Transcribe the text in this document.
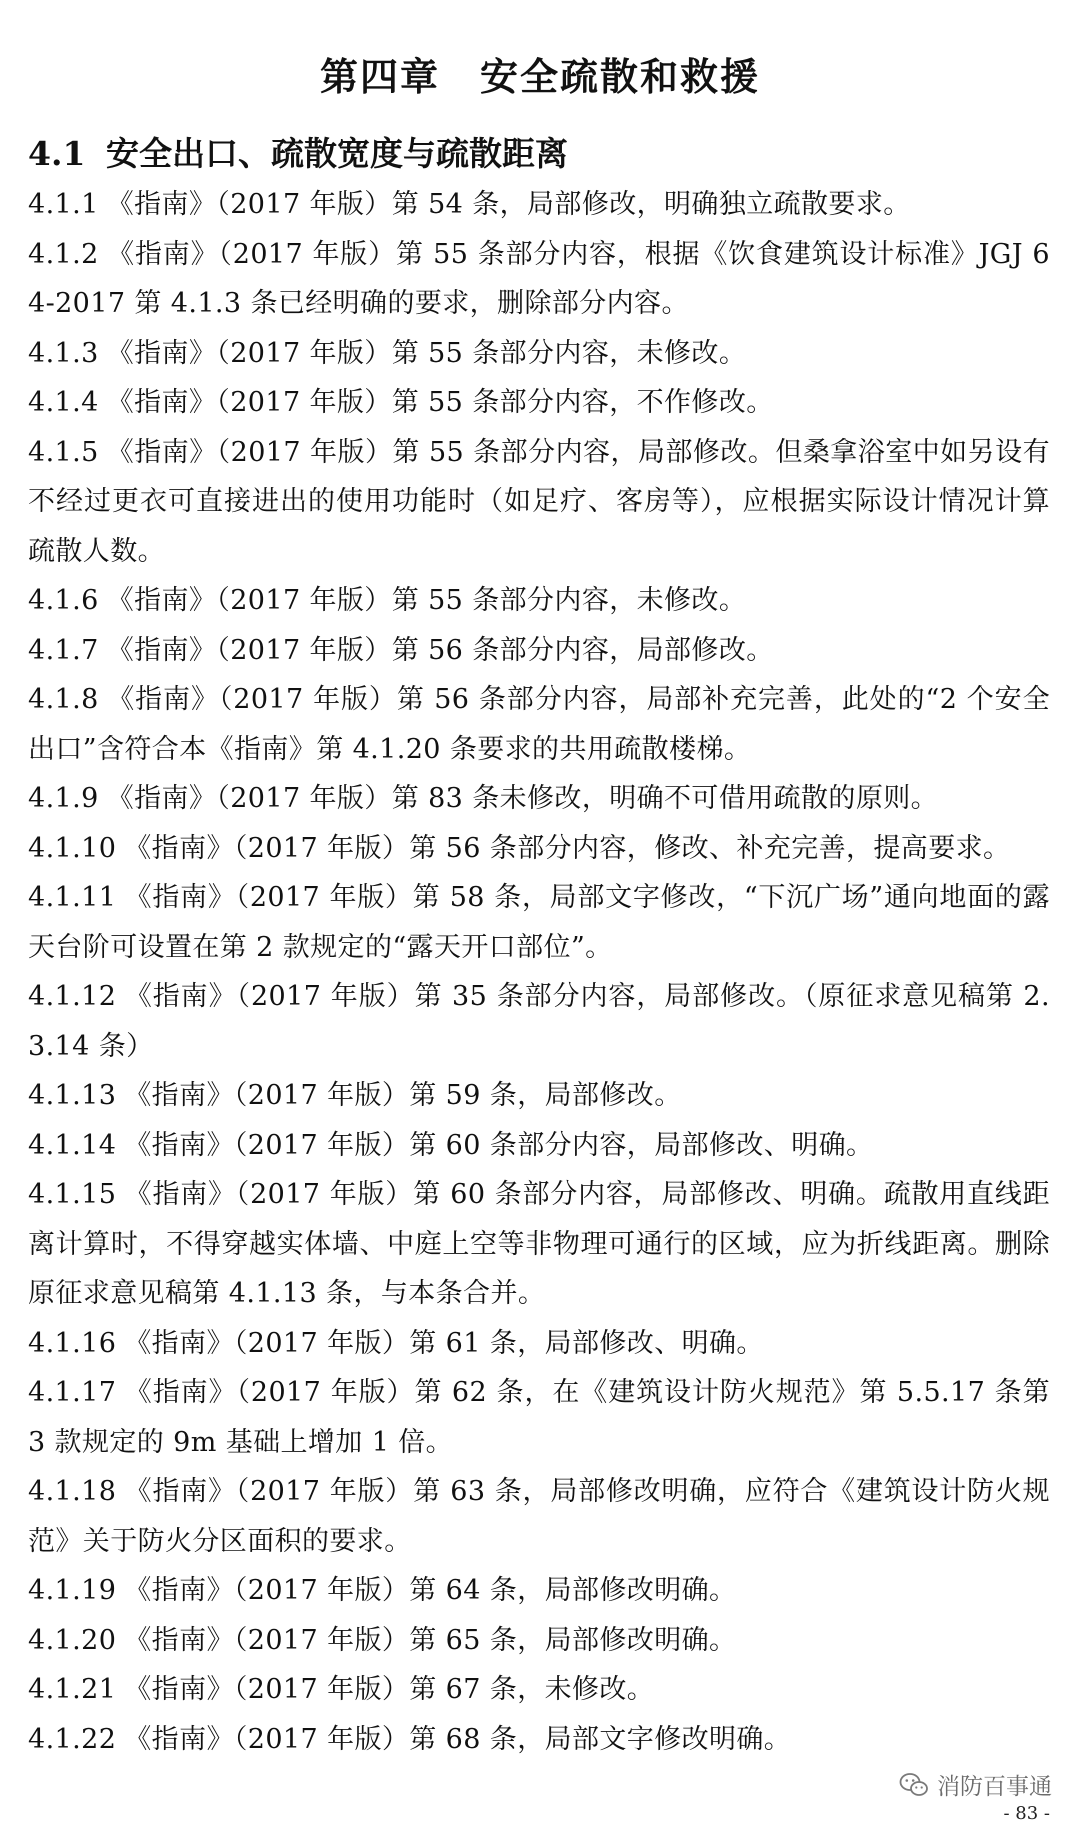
第四章　安全疏散和救援
4.1 安全出口、疏散宽度与疏散距离

4.1.1 《指南》（2017 年版）第 54 条，局部修改，明确独立疏散要求。

4.1.2 《指南》（2017 年版）第 55 条部分内容，根据《饮食建筑设计标准》JGJ 64-2017 第 4.1.3 条已经明确的要求，删除部分内容。

4.1.3 《指南》（2017 年版）第 55 条部分内容，未修改。

4.1.4 《指南》（2017 年版）第 55 条部分内容，不作修改。

4.1.5 《指南》（2017 年版）第 55 条部分内容，局部修改。但桑拿浴室中如另设有不经过更衣可直接进出的使用功能时（如足疗、客房等），应根据实际设计情况计算疏散人数。

4.1.6 《指南》（2017 年版）第 55 条部分内容，未修改。

4.1.7 《指南》（2017 年版）第 56 条部分内容，局部修改。

4.1.8 《指南》（2017 年版）第 56 条部分内容，局部补充完善，此处的“2 个安全出口”含符合本《指南》第 4.1.20 条要求的共用疏散楼梯。

4.1.9 《指南》（2017 年版）第 83 条未修改，明确不可借用疏散的原则。

4.1.10 《指南》（2017 年版）第 56 条部分内容，修改、补充完善，提高要求。

4.1.11 《指南》（2017 年版）第 58 条，局部文字修改，“下沉广场”通向地面的露天台阶可设置在第 2 款规定的“露天开口部位”。

4.1.12 《指南》（2017 年版）第 35 条部分内容，局部修改。（原征求意见稿第 2.3.14 条）

4.1.13 《指南》（2017 年版）第 59 条，局部修改。

4.1.14 《指南》（2017 年版）第 60 条部分内容，局部修改、明确。

4.1.15 《指南》（2017 年版）第 60 条部分内容，局部修改、明确。疏散用直线距离计算时，不得穿越实体墙、中庭上空等非物理可通行的区域，应为折线距离。删除原征求意见稿第 4.1.13 条，与本条合并。

4.1.16 《指南》（2017 年版）第 61 条，局部修改、明确。

4.1.17 《指南》（2017 年版）第 62 条，在《建筑设计防火规范》第 5.5.17 条第 3 款规定的 9m 基础上增加 1 倍。

4.1.18 《指南》（2017 年版）第 63 条，局部修改明确，应符合《建筑设计防火规范》关于防火分区面积的要求。

4.1.19 《指南》（2017 年版）第 64 条，局部修改明确。

4.1.20 《指南》（2017 年版）第 65 条，局部修改明确。

4.1.21 《指南》（2017 年版）第 67 条，未修改。

4.1.22 《指南》（2017 年版）第 68 条，局部文字修改明确。

消防百事通
- 83 -
